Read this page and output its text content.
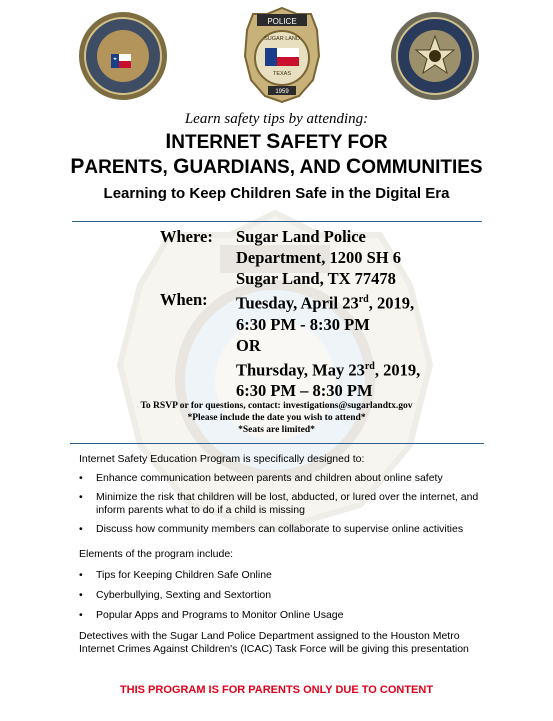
POLICE
SUGAR LAND
TEXAS
1959
Learn safety tips by attending:
INTERNET SAFETY FOR
PARENTS, GUARDIANS, AND COMMUNITIES
Learning to Keep Children Safe in the Digital Era
Where:	Sugar Land Police
Department, 1200 SH 6
Sugar Land, TX 77478
When:	Tuesday, April 23rd, 2019,
6:30 PM - 8:30 PM
OR
Thursday, May 23rd, 2019,
6:30 PM – 8:30 PM
To RSVP or for questions, contact: investigations@sugarlandtx.gov
*Please include the date you wish to attend*
*Seats are limited*
Internet Safety Education Program is specifically designed to:
• Enhance communication between parents and children about online safety
• Minimize the risk that children will be lost, abducted, or lured over the internet, and inform parents what to do if a child is missing
• Discuss how community members can collaborate to supervise online activities
Elements of the program include:
• Tips for Keeping Children Safe Online
• Cyberbullying, Sexting and Sextortion
• Popular Apps and Programs to Monitor Online Usage
Detectives with the Sugar Land Police Department assigned to the Houston Metro Internet Crimes Against Children's (ICAC) Task Force will be giving this presentation
THIS PROGRAM IS FOR PARENTS ONLY DUE TO CONTENT
